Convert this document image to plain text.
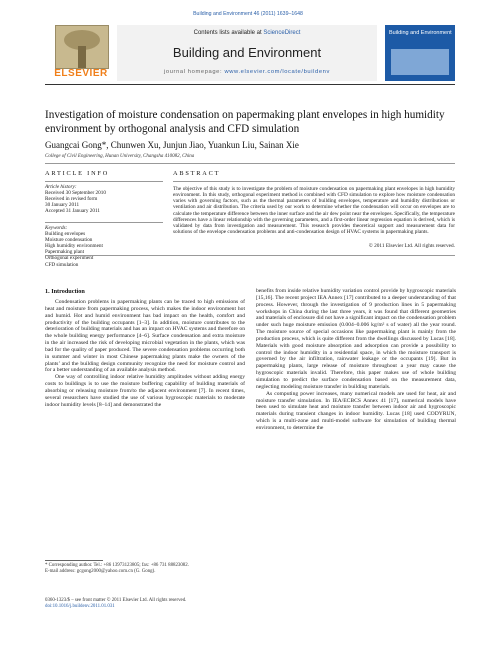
Building and Environment 46 (2011) 1639–1648
ELSEVIER
Contents lists available at ScienceDirect
Building and Environment
journal homepage: www.elsevier.com/locate/buildenv
Building and Environment
Investigation of moisture condensation on papermaking plant envelopes in high humidity environment by orthogonal analysis and CFD simulation
Guangcai Gong*, Chunwen Xu, Junjun Jiao, Yuankun Liu, Sainan Xie
College of Civil Engineering, Hunan University, Changsha 410082, China
ARTICLE INFO	ABSTRACT
Article history:
Received 30 September 2010
Received in revised form
30 January 2011
Accepted 31 January 2011
Keywords:
Building envelopes
Moisture condensation
High humidity environment
Papermaking plant
Orthogonal experiment
CFD simulation
The objective of this study is to investigate the problem of moisture condensation on papermaking plant envelopes in high humidity environment. In this study, orthogonal experiment method is combined with CFD simulation to explore how moisture condensation varies with governing factors, such as the thermal parameters of building envelopes, temperature and humidity distributions or ventilation and air distribution. The criteria used by our work to determine whether the condensation will occur on envelopes are to calculate the temperature difference between the inner surface and the air dew point near the envelopes. Specifically, the temperature differences have a linear relationship with the governing parameters, and a first-order linear regression equation is derived, which is validated by data from investigation and measurement. This research provides theoretical support and measurement data for solutions of the envelope condensation problems and anti-condensation design of HVAC systems in papermaking plants.
© 2011 Elsevier Ltd. All rights reserved.
1. Introduction

Condensation problems in papermaking plants can be traced to high emissions of heat and moisture from papermaking process, which makes the indoor environment hot and humid. Hot and humid environment has bad impact on the health, comfort and productivity of the building occupants [1–3]. In addition, moisture contributes to the deterioration of building materials and has an impact on HVAC systems and therefore on the whole building energy performance [4–6]. Surface condensation and extra moisture in the air increased the risk of developing microbial vegetation in the plants, which was bad for the quality of paper produced. The severe condensation problems occurring both in summer and winter in most Chinese papermaking plants make the owners of the plants’ and the building design community recognize the need for moisture control and for a better understanding of an available analysis method.

One way of controlling indoor relative humidity amplitudes without adding energy costs to buildings is to use the moisture buffering capability of building materials of absorbing or releasing moisture from/to the adjacent environment [7]. In recent times, several researchers have studied the use of various hygroscopic materials to moderate indoor humidity levels [8–14] and demonstrated the

benefits from inside relative humidity variation control provide by hygroscopic materials [15,16]. The recent project IEA Annex [17] contributed to a deeper understanding of that process. However, through the investigation of 9 production lines in 5 papermaking workshops in China during the last three years, it was found that different geometries and materials of enclosure did not have a significant impact on the condensation problem under such huge moisture emission (0.004–0.006 kg/m² s of water) all the year round. The moisture source of special occasions like papermaking plant is mainly from the production process, which is quite different from the dwellings discussed by Lucas [18]. Materials with good moisture absorption and adsorption can provide a possibility to control the indoor humidity in a residential space, in which the moisture transport is governed by the air infiltration, rainwater leakage or the occupants [19]. But in papermaking plants, large release of moisture throughout a year may cause the hygroscopic materials invalid. Therefore, this paper makes use of whole building simulation to predict the surface condensation based on the measurement data, neglecting modeling moisture transfer in building materials.

As computing power increases, many numerical models are used for heat, air and moisture transfer simulation. In IEA/ECBCS Annex 41 [17], numerical models have been used to simulate heat and moisture transfer between indoor air and hygroscopic materials during transient changes in indoor humidity. Lucas [18] used CODYRUN, which is a multi-zone and multi-model software for simulation of building thermal environment, to determine the

* Corresponding author. Tel.: +86 13973123805; fax: +86 731 88823082.
E-mail address: gcgong2000@yahoo.com.cn (G. Gong).
0360-1323/$ – see front matter © 2011 Elsevier Ltd. All rights reserved.
doi:10.1016/j.buildenv.2011.01.031
